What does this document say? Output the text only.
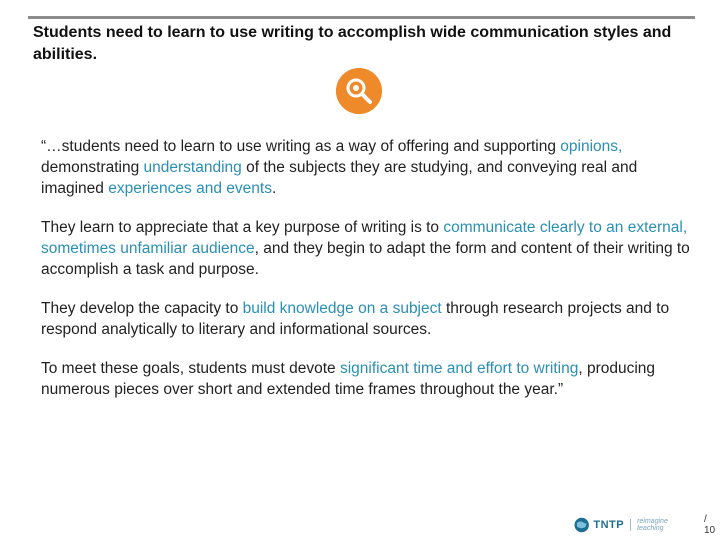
Students need to learn to use writing to accomplish wide communication styles and abilities.

“…students need to learn to use writing as a way of offering and supporting opinions, demonstrating understanding of the subjects they are studying, and conveying real and imagined experiences and events.

They learn to appreciate that a key purpose of writing is to communicate clearly to an external, sometimes unfamiliar audience, and they begin to adapt the form and content of their writing to accomplish a task and purpose.

They develop the capacity to build knowledge on a subject through research projects and to respond analytically to literary and informational sources.

To meet these goals, students must devote significant time and effort to writing, producing numerous pieces over short and extended time frames throughout the year.”

TNTP reimagine teaching
/ 10
